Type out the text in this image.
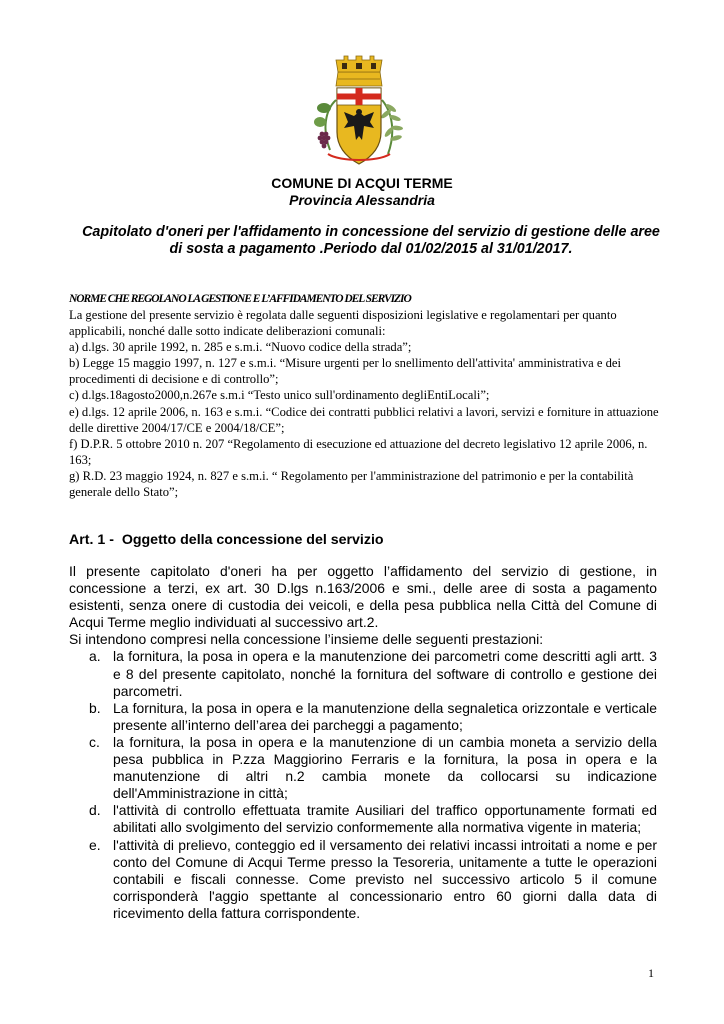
COMUNE DI ACQUI TERME
Provincia Alessandria
Capitolato d'oneri per l'affidamento in concessione del servizio di gestione delle aree di sosta a pagamento .Periodo dal 01/02/2015 al 31/01/2017.
NORME CHE REGOLANO LA GESTIONE E L’AFFIDAMENTO DEL SERVIZIO

La gestione del presente servizio è regolata dalle seguenti disposizioni legislative e regolamentari per quanto applicabili, nonché dalle sotto indicate deliberazioni comunali:

a) d.lgs. 30 aprile 1992, n. 285 e s.m.i. “Nuovo codice della strada”;

b) Legge 15 maggio 1997, n. 127 e s.m.i. “Misure urgenti per lo snellimento dell'attivita' amministrativa e dei procedimenti di decisione e di controllo”;

c) d.lgs.18agosto2000,n.267e s.m.i “Testo unico sull'ordinamento degliEntiLocali”;

e) d.lgs. 12 aprile 2006, n. 163 e s.m.i. “Codice dei contratti pubblici relativi a lavori, servizi e forniture in attuazione delle direttive 2004/17/CE e 2004/18/CE”;

f) D.P.R. 5 ottobre 2010 n. 207 “Regolamento di esecuzione ed attuazione del decreto legislativo 12 aprile 2006, n. 163;

g) R.D. 23 maggio 1924, n. 827 e s.m.i. “ Regolamento per l'amministrazione del patrimonio e per la contabilità generale dello Stato”;

Art. 1 -  Oggetto della concessione del servizio

Il presente capitolato d'oneri ha per oggetto l’affidamento del servizio di gestione, in concessione a terzi, ex art. 30 D.lgs n.163/2006 e smi., delle aree di sosta a pagamento esistenti, senza onere di custodia dei veicoli, e della pesa pubblica nella Città del Comune di Acqui Terme meglio individuati al successivo art.2.

Si intendono compresi nella concessione l’insieme delle seguenti prestazioni:

a. la fornitura, la posa in opera e la manutenzione dei parcometri come descritti agli artt. 3 e 8 del presente capitolato, nonché la fornitura del software di controllo e gestione dei parcometri.
b. La fornitura, la posa in opera e la manutenzione della segnaletica orizzontale e verticale presente all’interno dell’area dei parcheggi a pagamento;
c. la fornitura, la posa in opera e la manutenzione di un cambia moneta a servizio della pesa pubblica in P.zza Maggiorino Ferraris e la fornitura, la posa in opera e la manutenzione di altri n.2 cambia monete da collocarsi su indicazione dell'Amministrazione in città;
d. l'attività di controllo effettuata tramite Ausiliari del traffico opportunamente formati ed abilitati allo svolgimento del servizio conformemente alla normativa vigente in materia;
e. l'attività di prelievo, conteggio ed il versamento dei relativi incassi introitati a nome e per conto del Comune di Acqui Terme presso la Tesoreria, unitamente a tutte le operazioni contabili e fiscali connesse. Come previsto nel successivo articolo 5 il comune corrisponderà l'aggio spettante al concessionario entro 60 giorni dalla data di ricevimento della fattura corrispondente.
1
